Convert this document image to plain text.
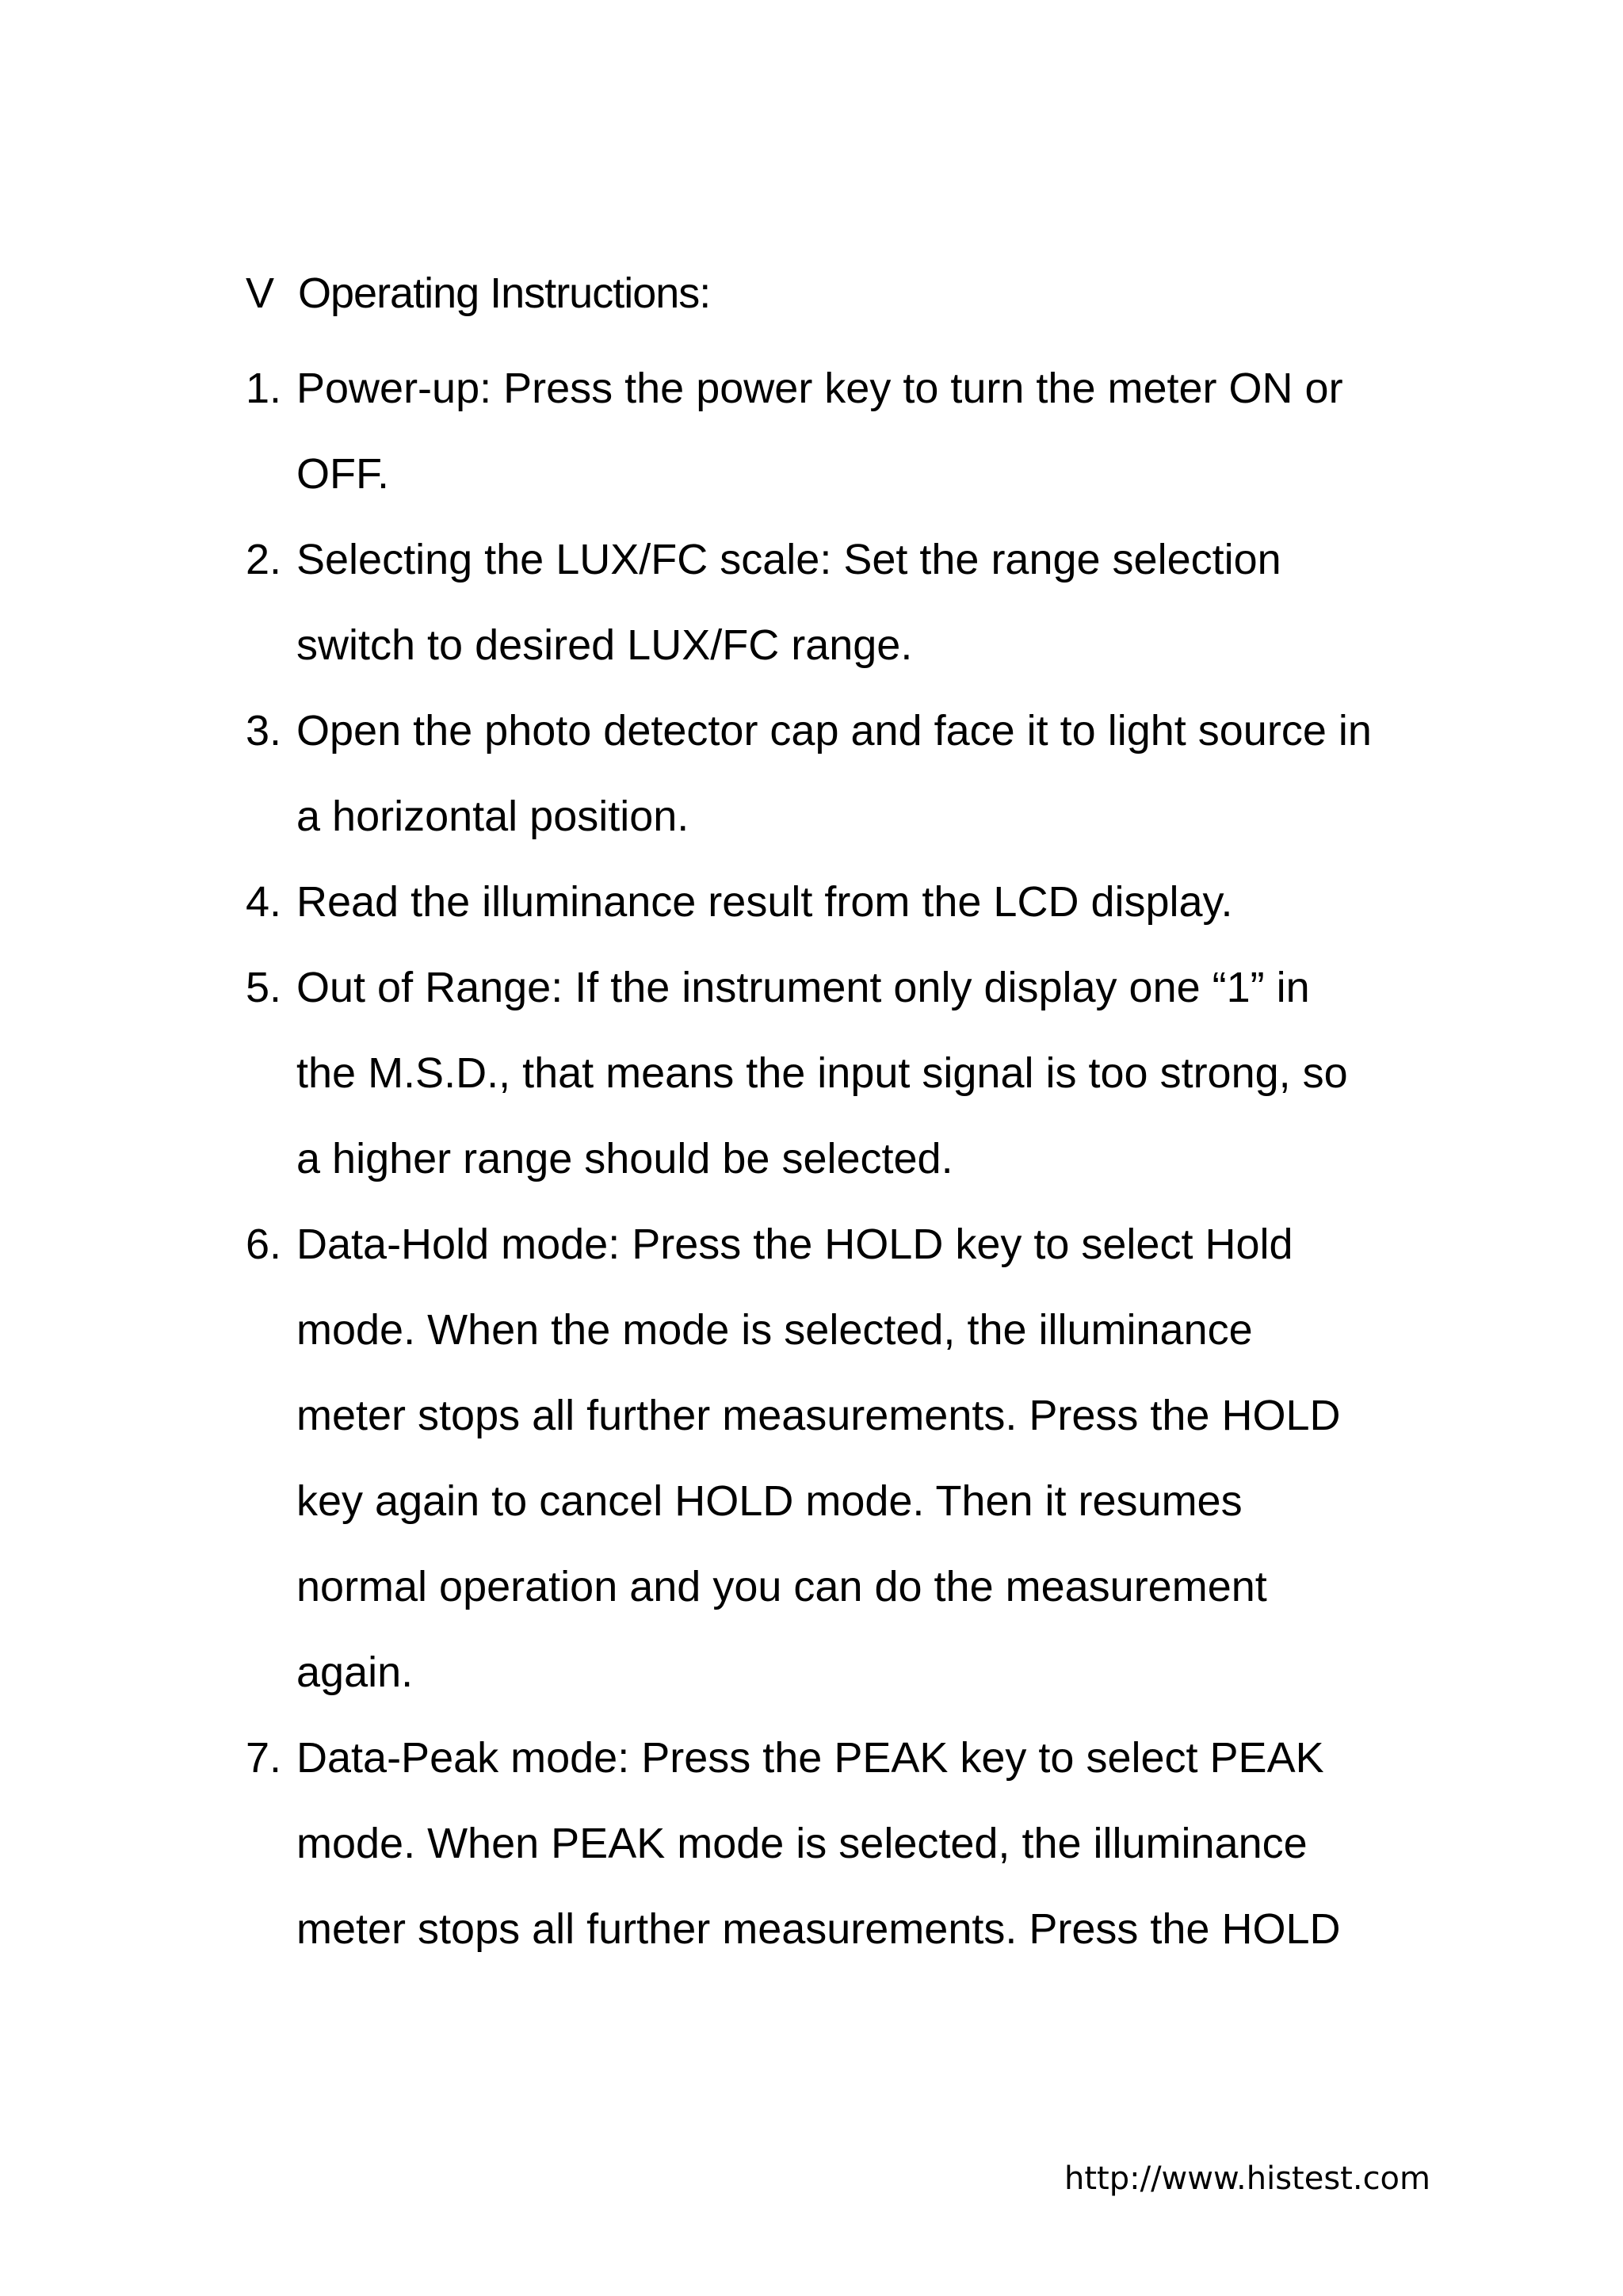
V Operating Instructions:
1. Power-up: Press the power key to turn the meter ON or
OFF.
2. Selecting the LUX/FC scale: Set the range selection
switch to desired LUX/FC range.
3. Open the photo detector cap and face it to light source in
a horizontal position.
4. Read the illuminance result from the LCD display.
5. Out of Range: If the instrument only display one “1” in
the M.S.D., that means the input signal is too strong, so
a higher range should be selected.
6. Data-Hold mode: Press the HOLD key to select Hold
mode. When the mode is selected, the illuminance
meter stops all further measurements. Press the HOLD
key again to cancel HOLD mode. Then it resumes
normal operation and you can do the measurement
again.
7. Data-Peak mode: Press the PEAK key to select PEAK
mode. When PEAK mode is selected, the illuminance
meter stops all further measurements. Press the HOLD
http://www.histest.com
